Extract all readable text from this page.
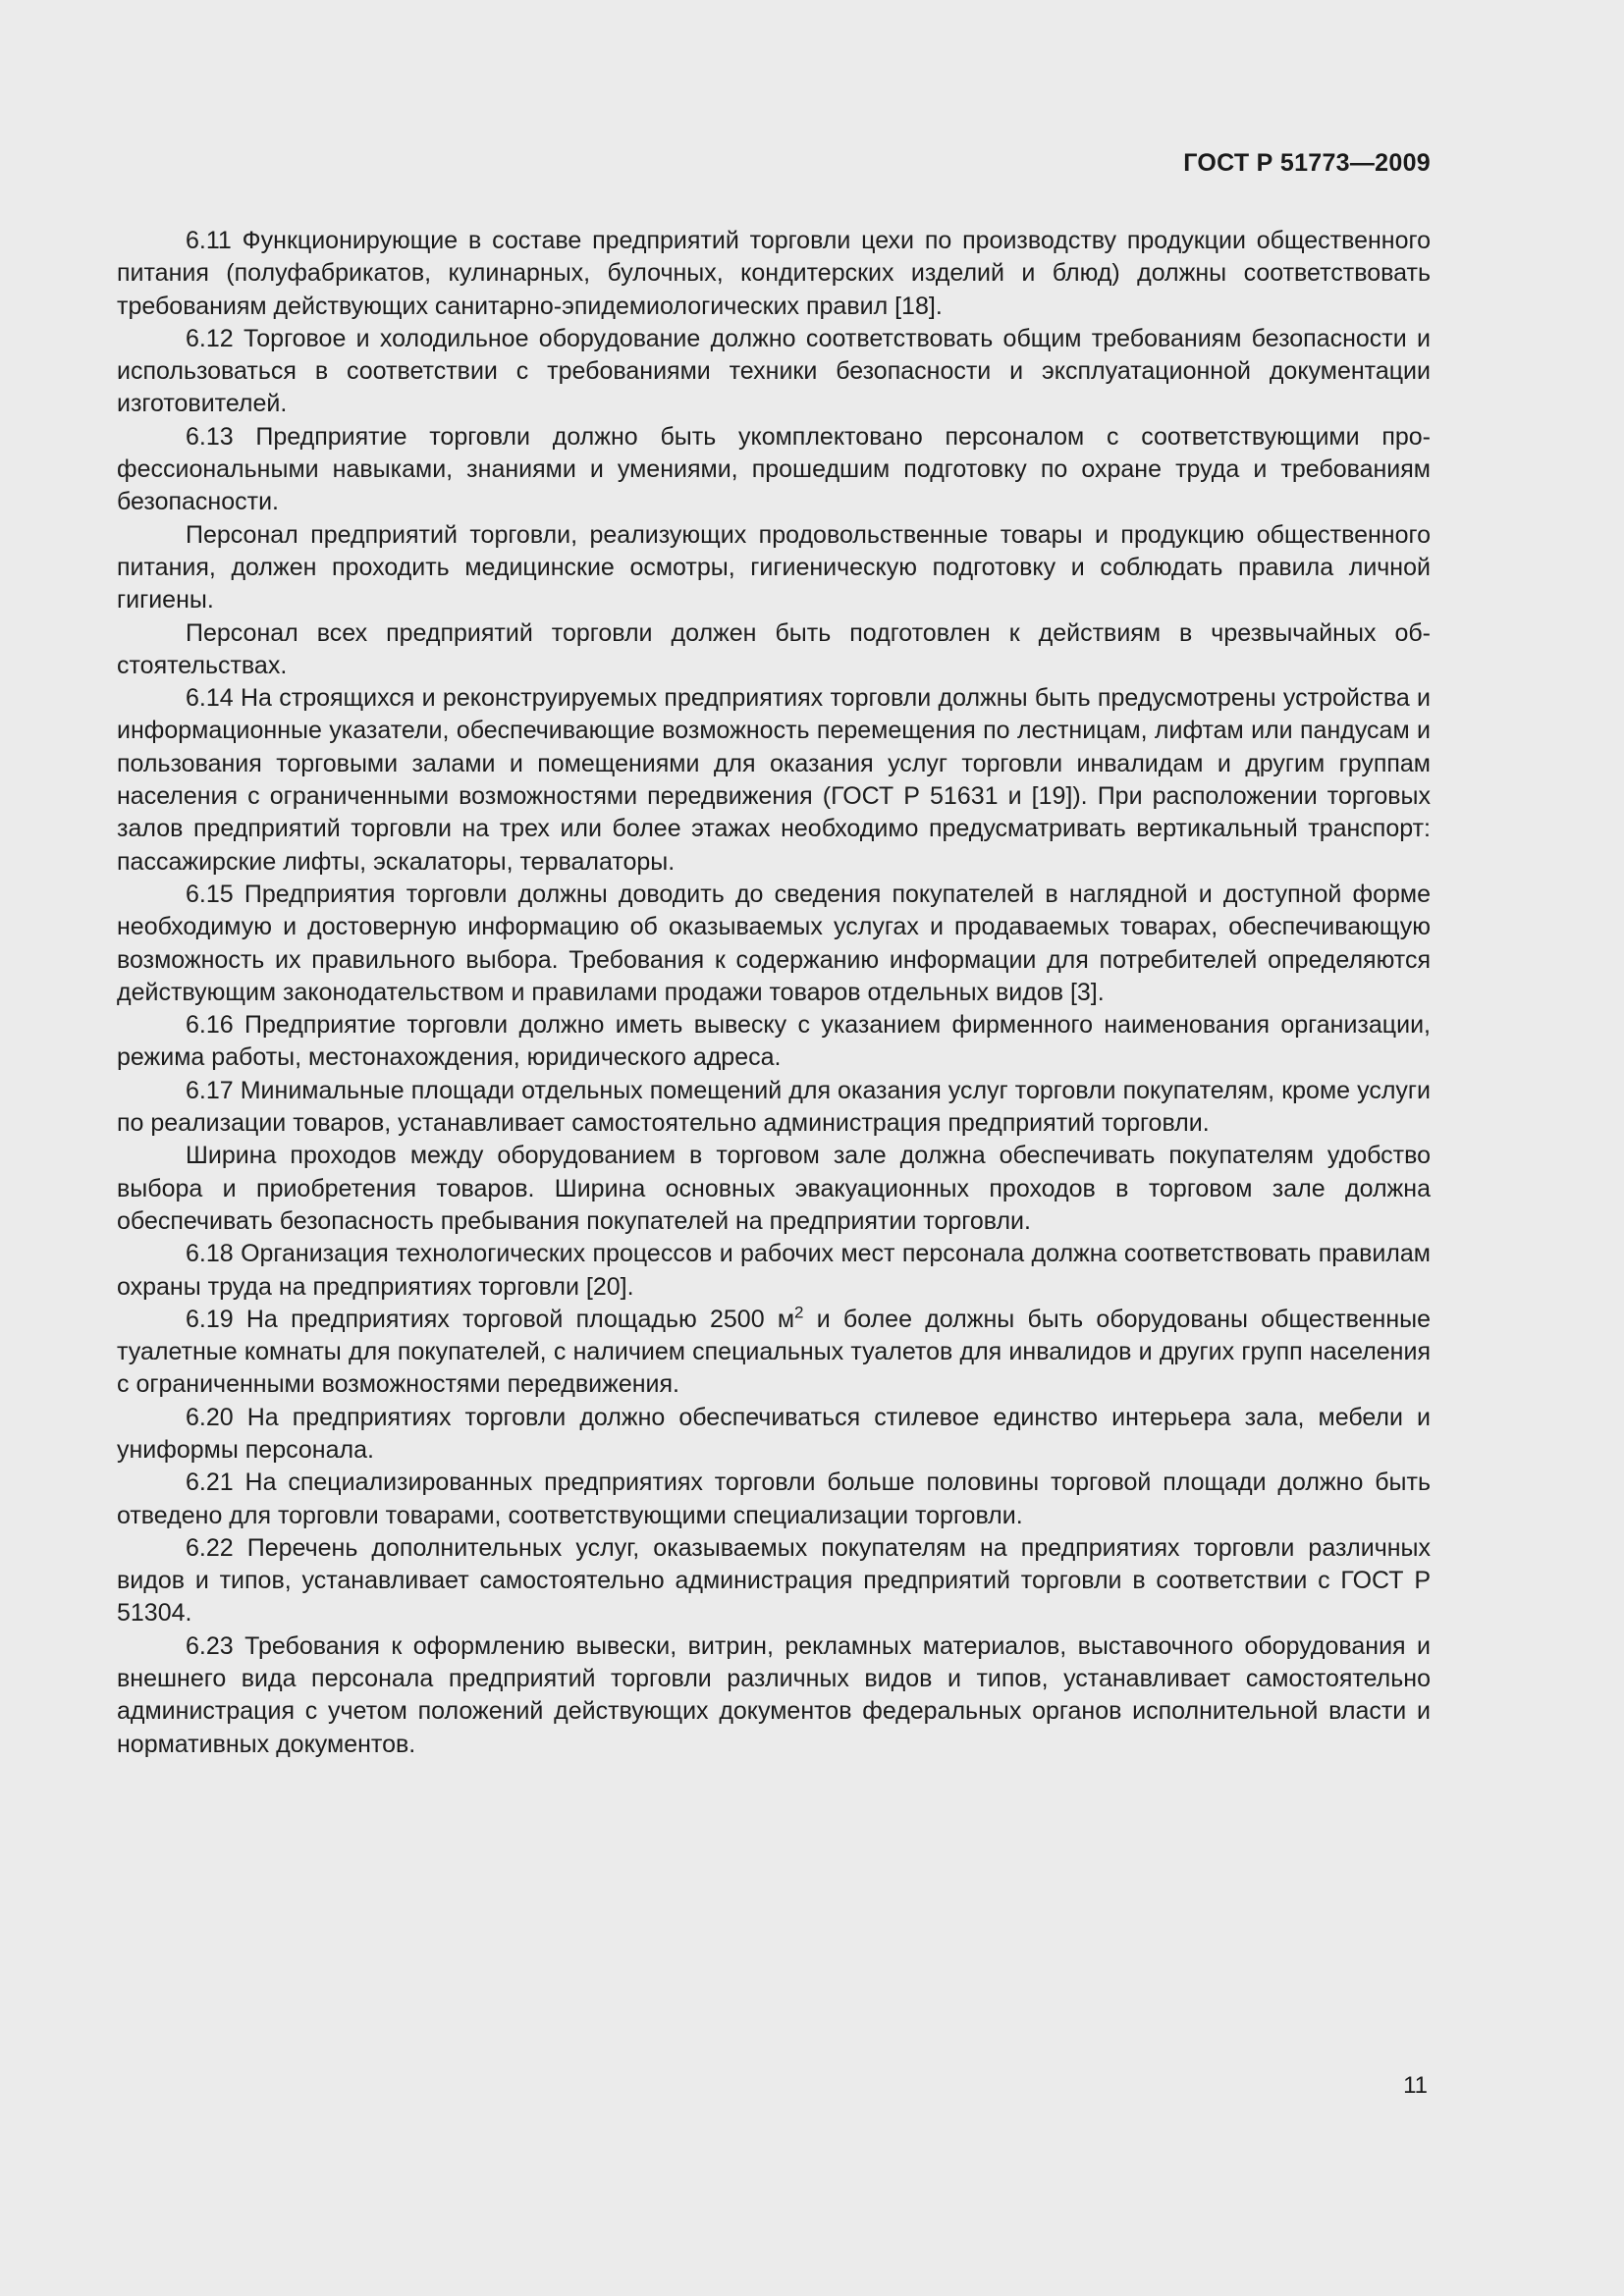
ГОСТ Р 51773—2009

6.11 Функционирующие в составе предприятий торговли цехи по производству продукции общественного питания (полуфабрикатов, кулинарных, булочных, кондитерских изделий и блюд) должны соответствовать требованиям действующих санитарно-эпидемиологических правил [18].

6.12 Торговое и холодильное оборудование должно соответствовать общим требованиям безопасности и использоваться в соответствии с требованиями техники безопасности и эксплуатационной документации изготовителей.

6.13 Предприятие торговли должно быть укомплектовано персоналом с соответствующими профессиональными навыками, знаниями и умениями, прошедшим подготовку по охране труда и требованиям безопасности.

Персонал предприятий торговли, реализующих продовольственные товары и продукцию общественного питания, должен проходить медицинские осмотры, гигиеническую подготовку и соблюдать правила личной гигиены.

Персонал всех предприятий торговли должен быть подготовлен к действиям в чрезвычайных обстоятельствах.

6.14 На строящихся и реконструируемых предприятиях торговли должны быть предусмотрены устройства и информационные указатели, обеспечивающие возможность перемещения по лестницам, лифтам или пандусам и пользования торговыми залами и помещениями для оказания услуг торговли инвалидам и другим группам населения с ограниченными возможностями передвижения (ГОСТ Р 51631 и [19]). При расположении торговых залов предприятий торговли на трех или более этажах необходимо предусматривать вертикальный транспорт: пассажирские лифты, эскалаторы, тервалаторы.

6.15 Предприятия торговли должны доводить до сведения покупателей в наглядной и доступной форме необходимую и достоверную информацию об оказываемых услугах и продаваемых товарах, обеспечивающую возможность их правильного выбора. Требования к содержанию информации для потребителей определяются действующим законодательством и правилами продажи товаров отдельных видов [3].

6.16 Предприятие торговли должно иметь вывеску с указанием фирменного наименования организации, режима работы, местонахождения, юридического адреса.

6.17 Минимальные площади отдельных помещений для оказания услуг торговли покупателям, кроме услуги по реализации товаров, устанавливает самостоятельно администрация предприятий торговли.

Ширина проходов между оборудованием в торговом зале должна обеспечивать покупателям удобство выбора и приобретения товаров. Ширина основных эвакуационных проходов в торговом зале должна обеспечивать безопасность пребывания покупателей на предприятии торговли.

6.18 Организация технологических процессов и рабочих мест персонала должна соответствовать правилам охраны труда на предприятиях торговли [20].

6.19 На предприятиях торговой площадью 2500 $м^2$ и более должны быть оборудованы общественные туалетные комнаты для покупателей, с наличием специальных туалетов для инвалидов и других групп населения с ограниченными возможностями передвижения.

6.20 На предприятиях торговли должно обеспечиваться стилевое единство интерьера зала, мебели и униформы персонала.

6.21 На специализированных предприятиях торговли больше половины торговой площади должно быть отведено для торговли товарами, соответствующими специализации торговли.

6.22 Перечень дополнительных услуг, оказываемых покупателям на предприятиях торговли различных видов и типов, устанавливает самостоятельно администрация предприятий торговли в соответствии с ГОСТ Р 51304.

6.23 Требования к оформлению вывески, витрин, рекламных материалов, выставочного оборудования и внешнего вида персонала предприятий торговли различных видов и типов, устанавливает самостоятельно администрация с учетом положений действующих документов федеральных органов исполнительной власти и нормативных документов.

11
